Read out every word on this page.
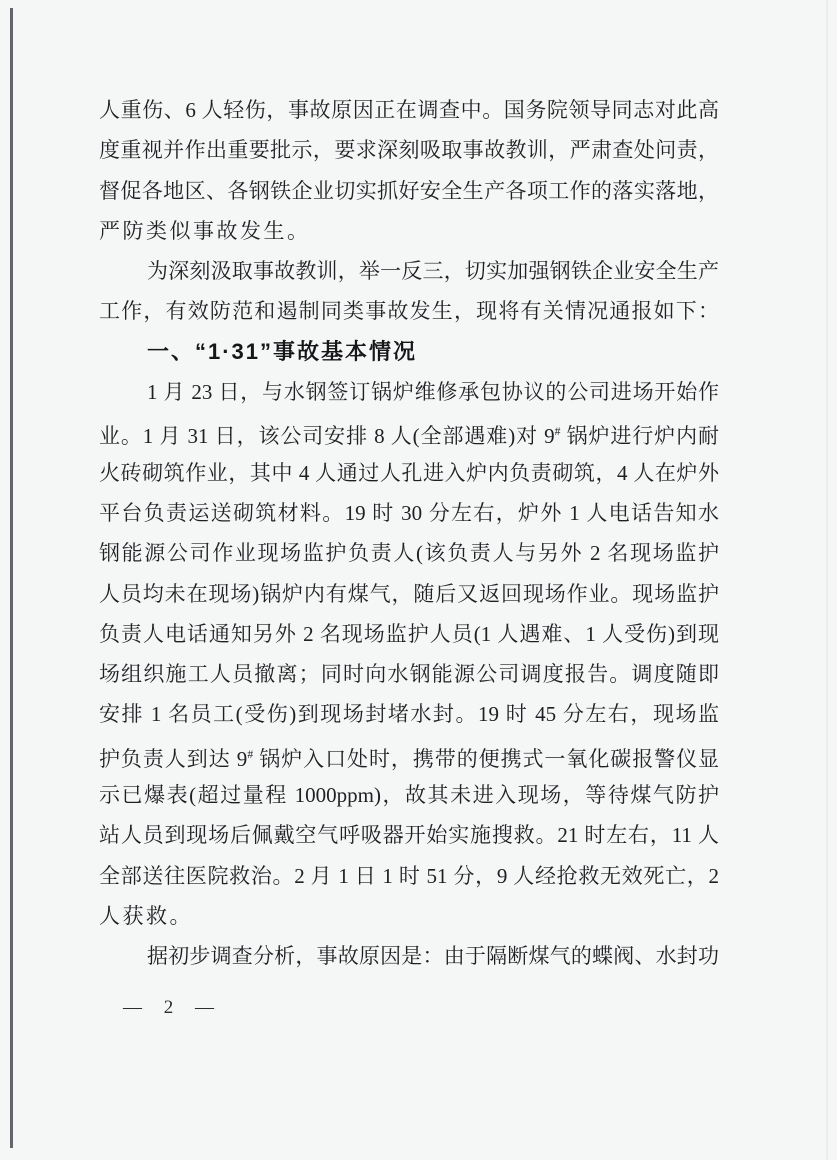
人重伤、6 人轻伤，事故原因正在调查中。国务院领导同志对此高
度重视并作出重要批示，要求深刻吸取事故教训，严肃查处问责，
督促各地区、各钢铁企业切实抓好安全生产各项工作的落实落地，
严防类似事故发生。
为深刻汲取事故教训，举一反三，切实加强钢铁企业安全生产
工作，有效防范和遏制同类事故发生，现将有关情况通报如下：
一、“1·31”事故基本情况
1 月 23 日，与水钢签订锅炉维修承包协议的公司进场开始作
业。1 月 31 日，该公司安排 8 人(全部遇难)对 9# 锅炉进行炉内耐
火砖砌筑作业，其中 4 人通过人孔进入炉内负责砌筑，4 人在炉外
平台负责运送砌筑材料。19 时 30 分左右，炉外 1 人电话告知水
钢能源公司作业现场监护负责人(该负责人与另外 2 名现场监护
人员均未在现场)锅炉内有煤气，随后又返回现场作业。现场监护
负责人电话通知另外 2 名现场监护人员(1 人遇难、1 人受伤)到现
场组织施工人员撤离；同时向水钢能源公司调度报告。调度随即
安排 1 名员工(受伤)到现场封堵水封。19 时 45 分左右，现场监
护负责人到达 9# 锅炉入口处时，携带的便携式一氧化碳报警仪显
示已爆表(超过量程 1000ppm)，故其未进入现场，等待煤气防护
站人员到现场后佩戴空气呼吸器开始实施搜救。21 时左右，11 人
全部送往医院救治。2 月 1 日 1 时 51 分，9 人经抢救无效死亡，2
人获救。
据初步调查分析，事故原因是：由于隔断煤气的蝶阀、水封功
— 2 —
